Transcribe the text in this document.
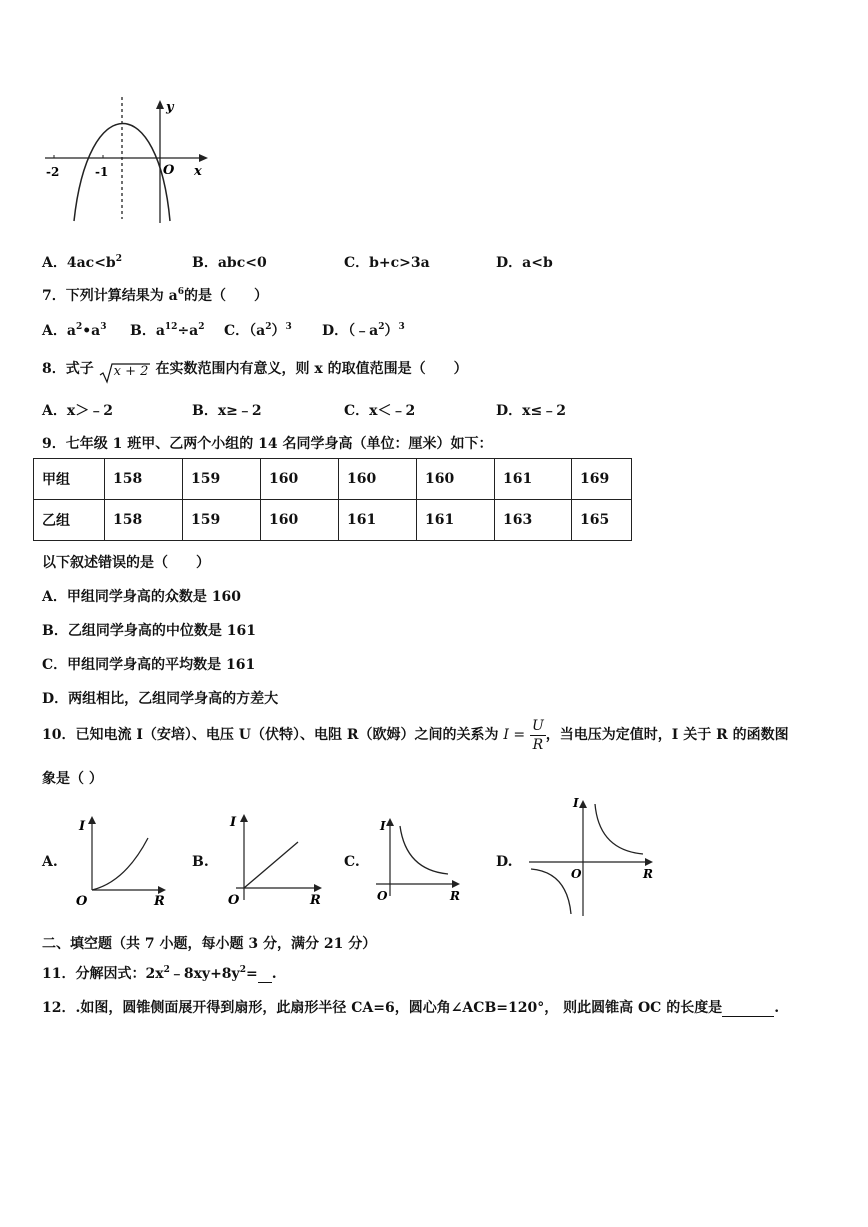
y
x
O
-2	-1
A．$4ac<b^2$	B．abc<0	C．b+c>3a	D．a<b
7．下列计算结果为 $a^6$的是（　　）
A．$a^2•a^3$ B．$a^{12}\div a^2$ C．$(a^2)^3$ D．$(﹣a^2)^3$
8．式子 x + 2 在实数范围内有意义，则 x 的取值范围是（　　）
A．x＞﹣2	B．x≥﹣2	C．x＜﹣2	D．x≤﹣2
9．七年级 1 班甲、乙两个小组的 14 名同学身高（单位：厘米）如下：
甲组	158	159	160	160	160	161	169
乙组	158	159	160	161	161	163	165
以下叙述错误的是（　　）
A．甲组同学身高的众数是 160
B．乙组同学身高的中位数是 161
C．甲组同学身高的平均数是 161
D．两组相比，乙组同学身高的方差大
10．已知电流 I（安培）、电压 U（伏特）、电阻 R（欧姆）之间的关系为 $I = \frac{U}{R}$ ，当电压为定值时，I 关于 R 的函数图
象是（ ）
A.	B.	C.	D.
I
R
O
I
R
O
I
R
O
I
R
O
二、填空题（共 7 小题，每小题 3 分，满分 21 分）
11．分解因式：$2x^2﹣8xy+8y^2=$ .
12．.如图，圆锥侧面展开得到扇形，此扇形半径 CA=6，圆心角∠ACB=120°， 则此圆锥高 OC 的长度是	.
